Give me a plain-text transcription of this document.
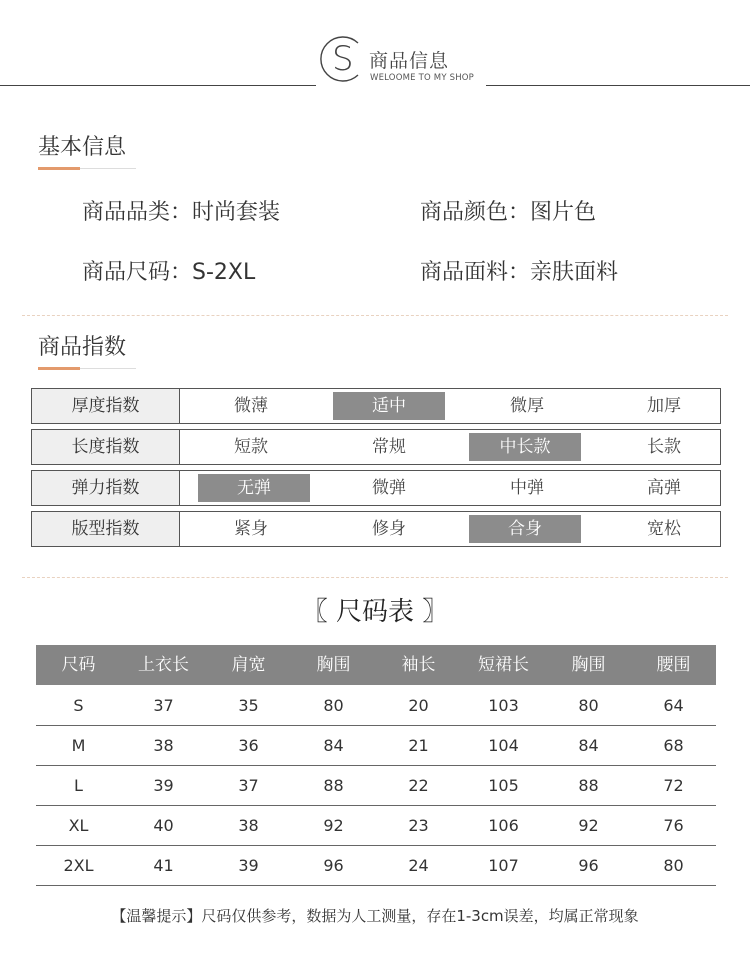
S 商品信息
WELOOME TO MY SHOP
基本信息
商品品类：时尚套装	商品颜色：图片色
商品尺码：S-2XL	商品面料：亲肤面料
商品指数
厚度指数	微薄	适中	微厚	加厚
长度指数	短款	常规	中长款	长款
弹力指数	无弹	微弹	中弹	高弹
版型指数	紧身	修身	合身	宽松
〖 尺码表 〗
尺码	上衣长	肩宽	胸围	袖长	短裙长	胸围	腰围
S	37	35	80	20	103	80	64
M	38	36	84	21	104	84	68
L	39	37	88	22	105	88	72
XL	40	38	92	23	106	92	76
2XL	41	39	96	24	107	96	80
【温馨提示】尺码仅供参考，数据为人工测量，存在1-3cm误差，均属正常现象
